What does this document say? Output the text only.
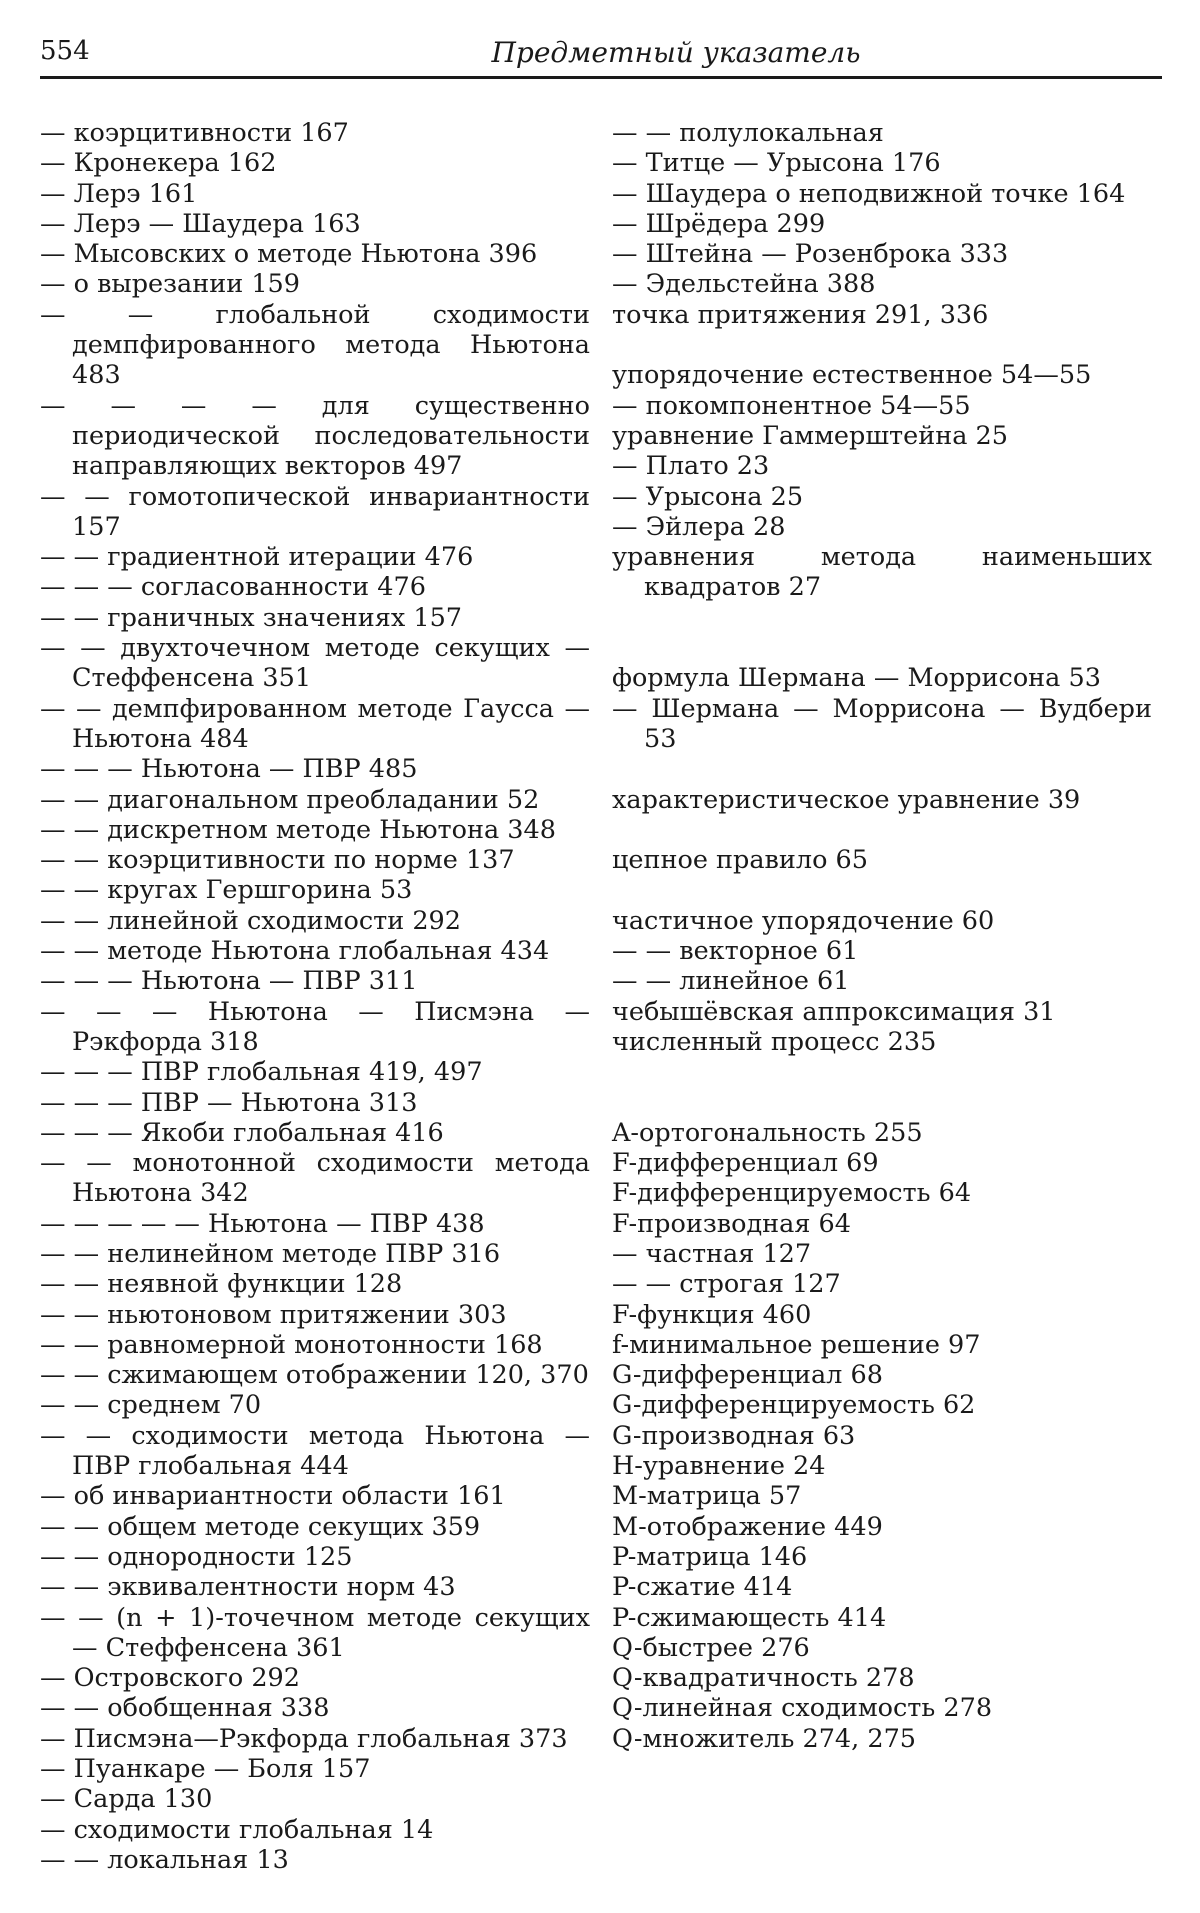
554	Предметный указатель
— коэрцитивности 167
— Кронекера 162
— Лерэ 161
— Лерэ — Шаудера 163
— Мысовских о методе Ньютона 396
— о вырезании 159
— — глобальной сходимости демпфированного метода Ньютона 483
— — — — для существенно периодической последовательности направляющих векторов 497
— — гомотопической инвариантности 157
— — градиентной итерации 476
— — — согласованности 476
— — граничных значениях 157
— — двухточечном методе секущих — Стеффенсена 351
— — демпфированном методе Гаусса — Ньютона 484
— — — Ньютона — ПВР 485
— — диагональном преобладании 52
— — дискретном методе Ньютона 348
— — коэрцитивности по норме 137
— — кругах Гершгорина 53
— — линейной сходимости 292
— — методе Ньютона глобальная 434
— — — Ньютона — ПВР 311
— — — Ньютона — Писмэна — Рэкфорда 318
— — — ПВР глобальная 419, 497
— — — ПВР — Ньютона 313
— — — Якоби глобальная 416
— — монотонной сходимости метода Ньютона 342
— — — — — Ньютона — ПВР 438
— — нелинейном методе ПВР 316
— — неявной функции 128
— — ньютоновом притяжении 303
— — равномерной монотонности 168
— — сжимающем отображении 120, 370
— — среднем 70
— — сходимости метода Ньютона — ПВР глобальная 444
— об инвариантности области 161
— — общем методе секущих 359
— — однородности 125
— — эквивалентности норм 43
— — (n + 1)-точечном методе секущих — Стеффенсена 361
— Островского 292
— — обобщенная 338
— Писмэна—Рэкфорда глобальная 373
— Пуанкаре — Боля 157
— Сарда 130
— сходимости глобальная 14
— — локальная 13
— — полулокальная
— Титце — Урысона 176
— Шаудера о неподвижной точке 164
— Шрёдера 299
— Штейна — Розенброка 333
— Эдельстейна 388
точка притяжения 291, 336
упорядочение естественное 54—55
— покомпонентное 54—55
уравнение Гаммерштейна 25
— Плато 23
— Урысона 25
— Эйлера 28
уравнения метода наименьших квадратов 27
формула Шермана — Моррисона 53
— Шермана — Моррисона — Вудбери 53
характеристическое уравнение 39
цепное правило 65
частичное упорядочение 60
— — векторное 61
— — линейное 61
чебышёвская аппроксимация 31
численный процесс 235
A-ортогональность 255
F-дифференциал 69
F-дифференцируемость 64
F-производная 64
— частная 127
— — строгая 127
F-функция 460
f-минимальное решение 97
G-дифференциал 68
G-дифференцируемость 62
G-производная 63
H-уравнение 24
M-матрица 57
M-отображение 449
P-матрица 146
P-сжатие 414
P-сжимающесть 414
Q-быстрее 276
Q-квадратичность 278
Q-линейная сходимость 278
Q-множитель 274, 275
